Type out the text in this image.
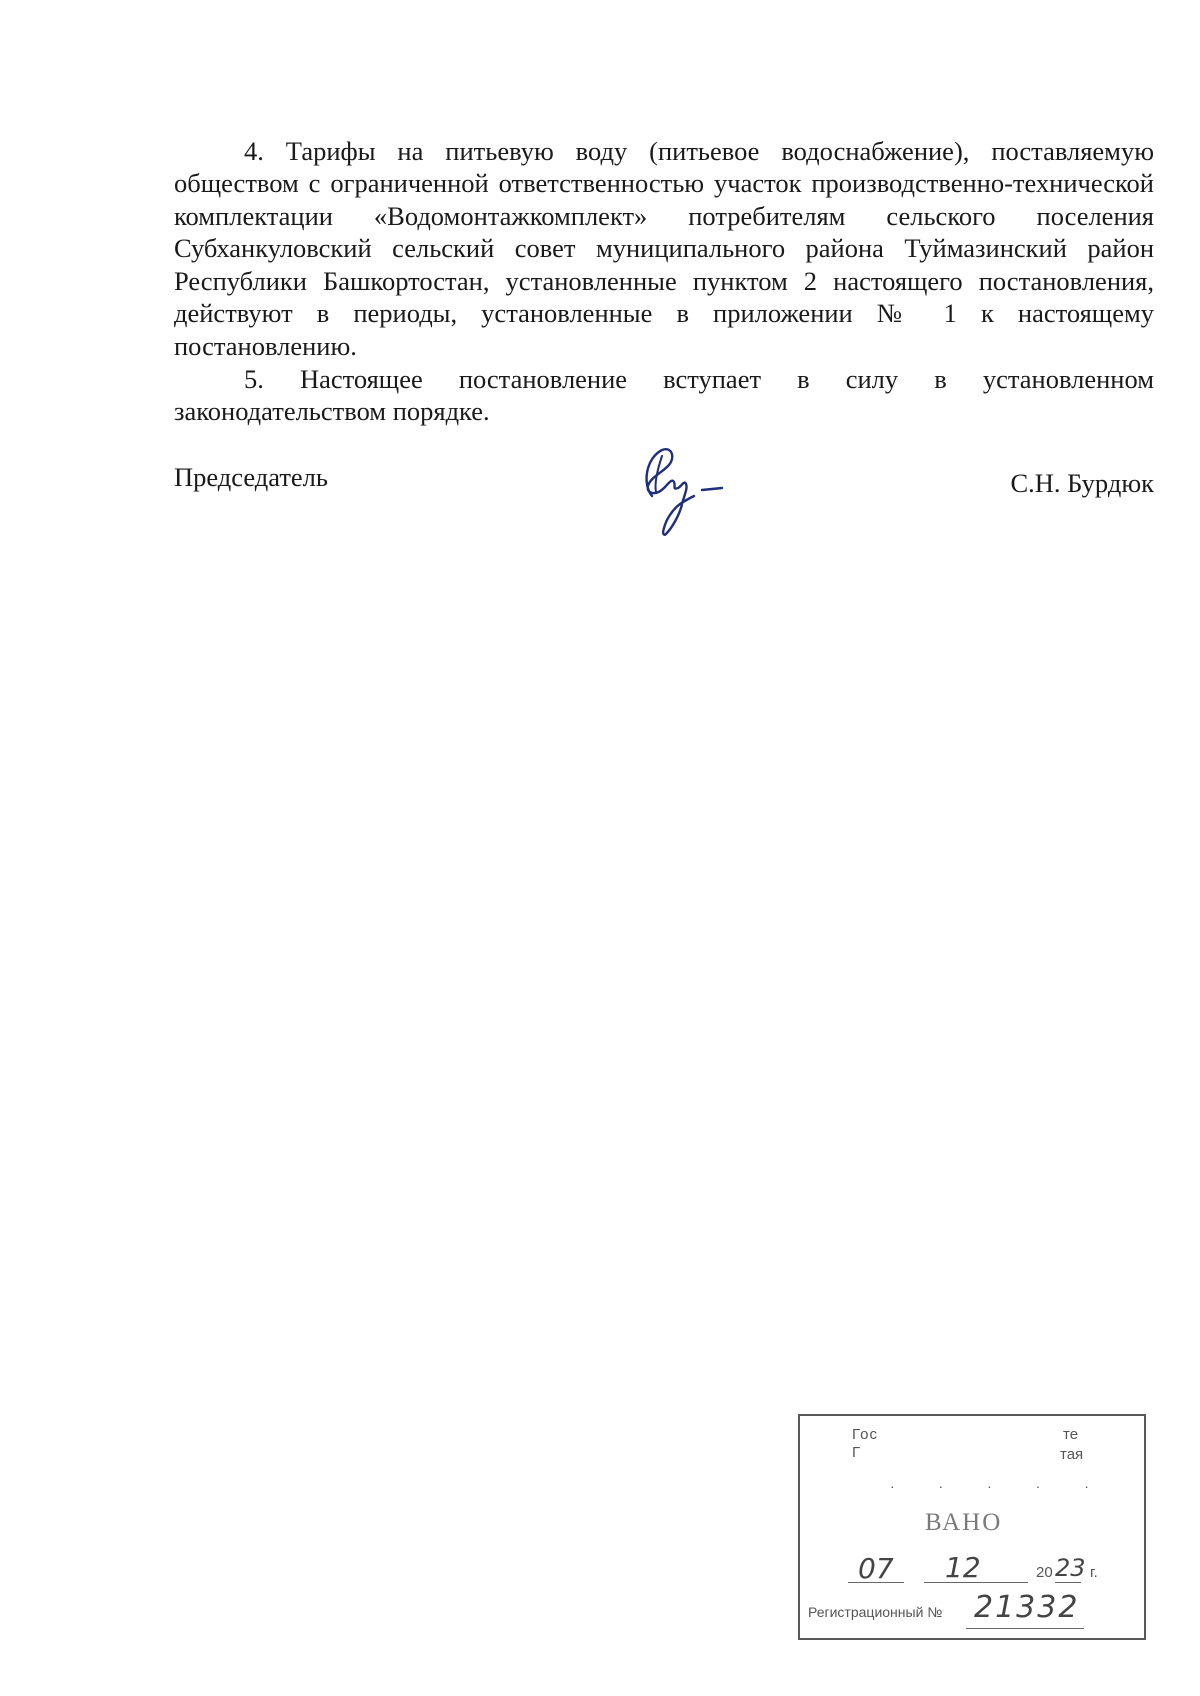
4. Тарифы на питьевую воду (питьевое водоснабжение), поставляемую обществом с ограниченной ответственностью участок производственно-технической комплектации «Водомонтажкомплект» потребителям сельского поселения Субханкуловский сельский совет муниципального района Туймазинский район Республики Башкортостан, установленные пунктом 2 настоящего постановления, действуют в периоды, установленные в приложении № 1 к настоящему постановлению.

5. Настоящее постановление вступает в силу в установленном законодательством порядке.

Председатель	С.Н. Бурдюк
Гос	те
Г	тая
· · · · ·
ВАНО
07 12	20 23 г.
Регистрационный № 21332
